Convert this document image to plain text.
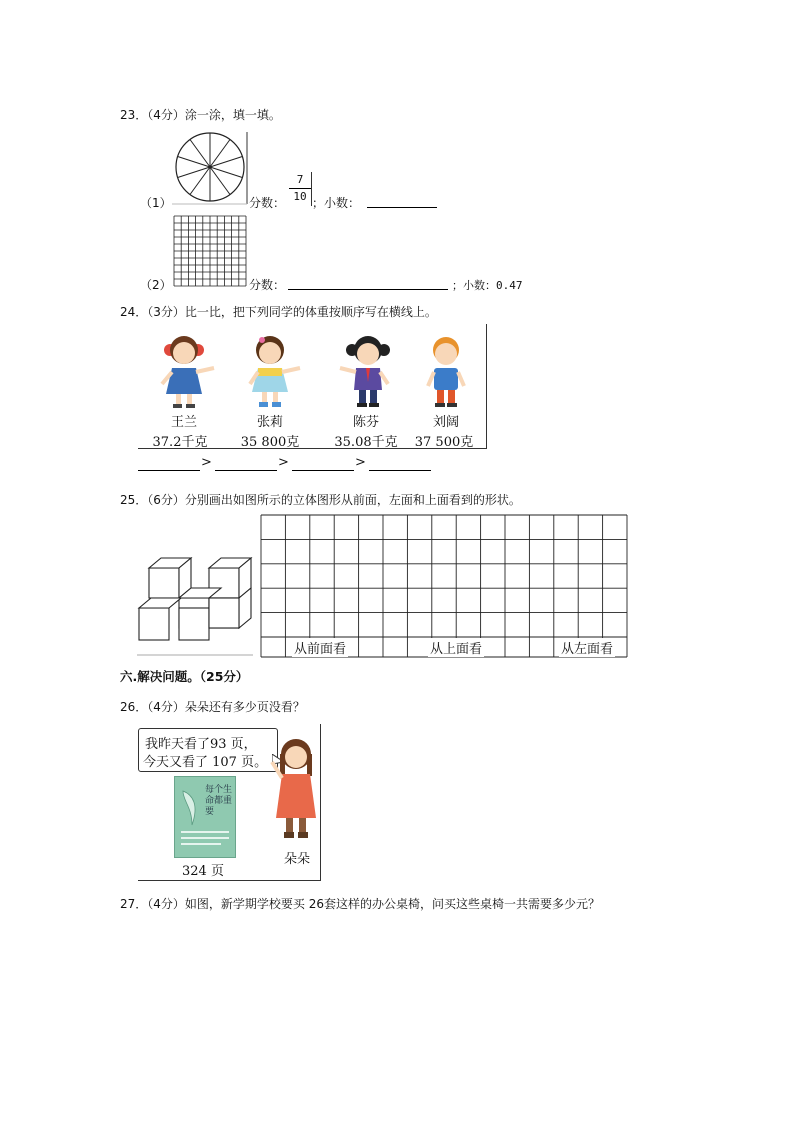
23．（4分）涂一涂，填一填。
（1）	分数： $\frac{7}{10}$ ；小数：
（2）	分数：	；小数：0.47
24．（3分）比一比，把下列同学的体重按顺序写在横线上。
王兰	张莉	陈芬	刘阔
37.2千克	35 800克	35.08千克	37 500克
>	>	>
25．（6分）分别画出如图所示的立体图形从前面，左面和上面看到的形状。
从前面看	从上面看	从左面看
六.解决问题。（25分）
26．（4分）朵朵还有多少页没看？
我昨天看了93 页，
今天又看了 107 页。
每个生命都重要
324 页
朵朵
27．（4分）如图，新学期学校要买 26套这样的办公桌椅，问买这些桌椅一共需要多少元？
